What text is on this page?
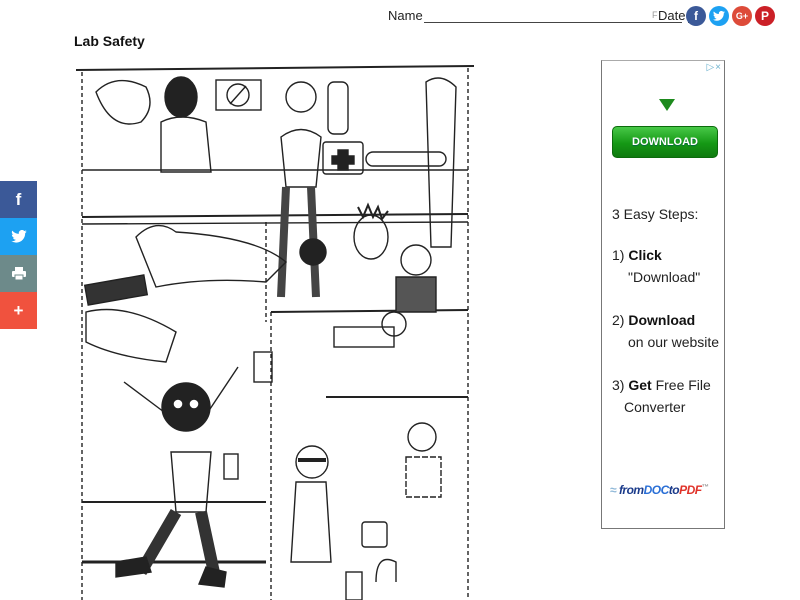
Name	F Date f	G+ P
Lab Safety
f
+
▷×
DOWNLOAD
3 Easy Steps:
1) Click
"Download"
2) Download
on our website
3) Get Free File
Converter
≈ fromDOCtoPDF™
